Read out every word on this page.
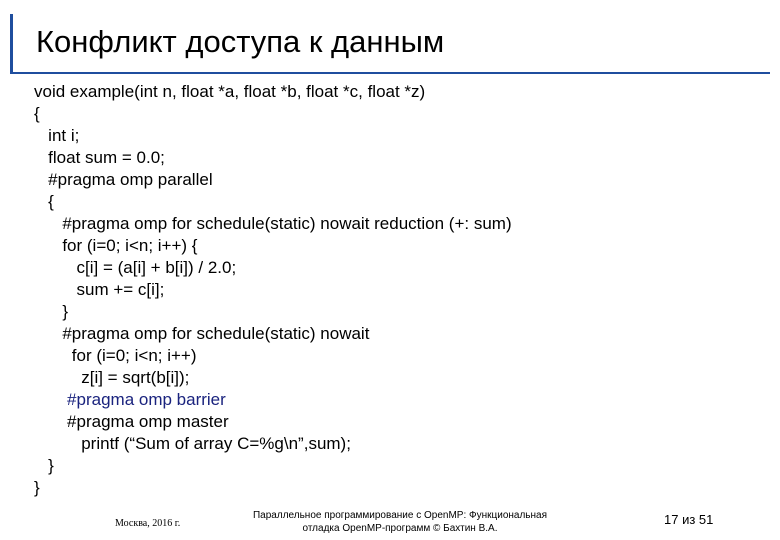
Конфликт доступа к данным
void example(int n, float *a, float *b, float *c, float *z)
{
int i;
float sum = 0.0;
#pragma omp parallel
{
#pragma omp for schedule(static) nowait reduction (+: sum)
for (i=0; i<n; i++) {
c[i] = (a[i] + b[i]) / 2.0;
sum += c[i];
}
#pragma omp for schedule(static) nowait
for (i=0; i<n; i++)
z[i] = sqrt(b[i]);
#pragma omp barrier
#pragma omp master
printf (“Sum of array C=%g\n”,sum);
}
}
Москва, 2016 г.
Параллельное программирование с OpenMP: Функциональная
отладка OpenMP-программ © Бахтин В.А.
17 из 51
